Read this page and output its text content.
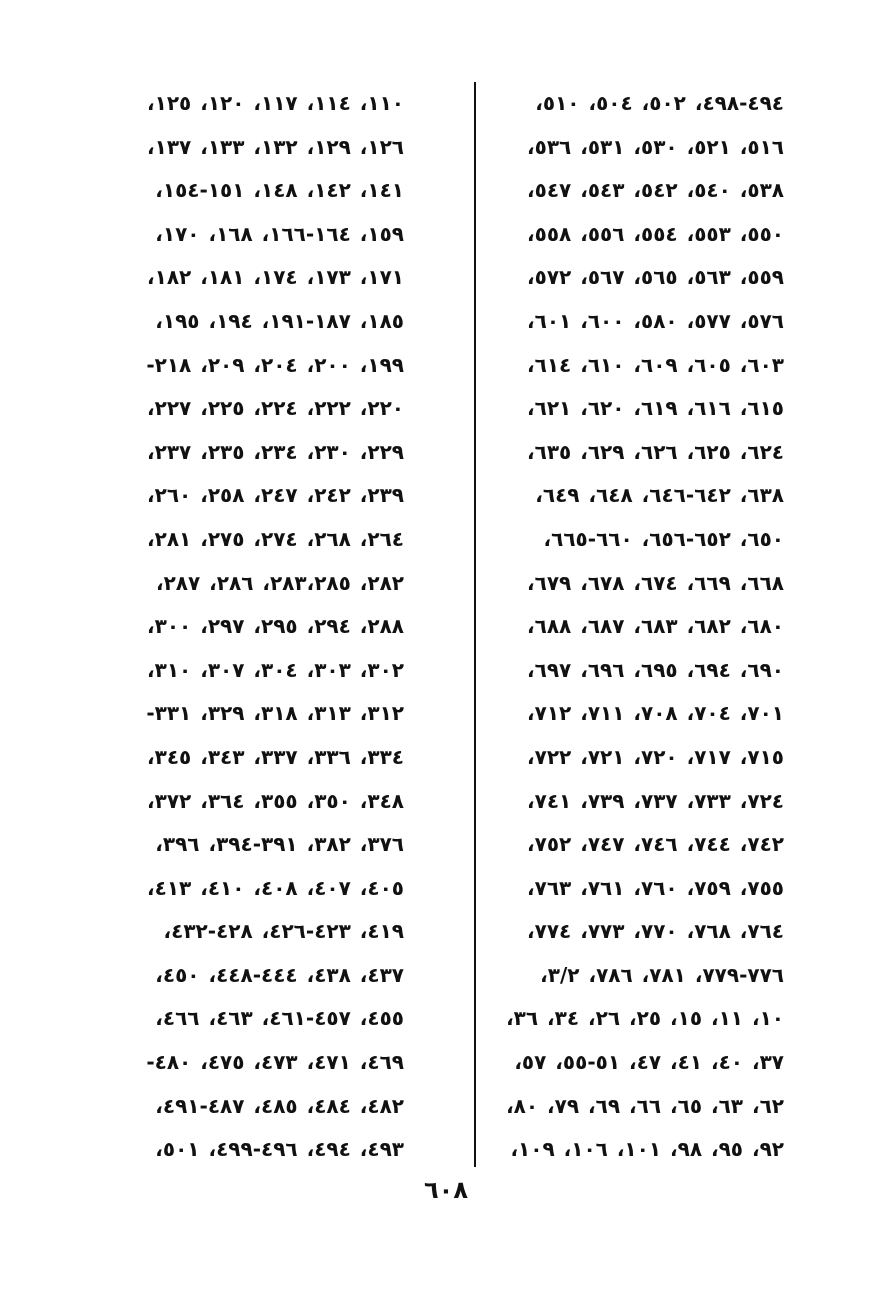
٤٩٤-٤٩٨، ٥٠٢، ٥٠٤، ٥١٠،
٥١٦، ٥٢١، ٥٣٠، ٥٣١، ٥٣٦،
٥٣٨، ٥٤٠، ٥٤٢، ٥٤٣، ٥٤٧،
٥٥٠، ٥٥٣، ٥٥٤، ٥٥٦، ٥٥٨،
٥٥٩، ٥٦٣، ٥٦٥، ٥٦٧، ٥٧٢،
٥٧٦، ٥٧٧، ٥٨٠، ٦٠٠، ٦٠١،
٦٠٣، ٦٠٥، ٦٠٩، ٦١٠، ٦١٤،
٦١٥، ٦١٦، ٦١٩، ٦٢٠، ٦٢١،
٦٢٤، ٦٢٥، ٦٢٦، ٦٢٩، ٦٣٥،
٦٣٨، ٦٤٢-٦٤٦، ٦٤٨، ٦٤٩،
٦٥٠، ٦٥٢-٦٥٦، ٦٦٠-٦٦٥،
٦٦٨، ٦٦٩، ٦٧٤، ٦٧٨، ٦٧٩،
٦٨٠، ٦٨٢، ٦٨٣، ٦٨٧، ٦٨٨،
٦٩٠، ٦٩٤، ٦٩٥، ٦٩٦، ٦٩٧،
٧٠١، ٧٠٤، ٧٠٨، ٧١١، ٧١٢،
٧١٥، ٧١٧، ٧٢٠، ٧٢١، ٧٢٢،
٧٢٤، ٧٣٣، ٧٣٧، ٧٣٩، ٧٤١،
٧٤٢، ٧٤٤، ٧٤٦، ٧٤٧، ٧٥٢،
٧٥٥، ٧٥٩، ٧٦٠، ٧٦١، ٧٦٣،
٧٦٤، ٧٦٨، ٧٧٠، ٧٧٣، ٧٧٤،
٧٧٦-٧٧٩، ٧٨١، ٧٨٦، ٣/٢،
١٠، ١١، ١٥، ٢٥، ٢٦، ٣٤، ٣٦،
٣٧، ٤٠، ٤١، ٤٧، ٥١-٥٥، ٥٧،
٦٢، ٦٣، ٦٥، ٦٦، ٦٩، ٧٩، ٨٠،
٩٢، ٩٥، ٩٨، ١٠١، ١٠٦، ١٠٩،
١١٠، ١١٤، ١١٧، ١٢٠، ١٢٥،
١٢٦، ١٢٩، ١٣٢، ١٣٣، ١٣٧،
١٤١، ١٤٢، ١٤٨، ١٥١-١٥٤،
١٥٩، ١٦٤-١٦٦، ١٦٨، ١٧٠،
١٧١، ١٧٣، ١٧٤، ١٨١، ١٨٢،
١٨٥، ١٨٧-١٩١، ١٩٤، ١٩٥،
١٩٩، ٢٠٠، ٢٠٤، ٢٠٩، ٢١٨-
٢٢٠، ٢٢٢، ٢٢٤، ٢٢٥، ٢٢٧،
٢٢٩، ٢٣٠، ٢٣٤، ٢٣٥، ٢٣٧،
٢٣٩، ٢٤٢، ٢٤٧، ٢٥٨، ٢٦٠،
٢٦٤، ٢٦٨، ٢٧٤، ٢٧٥، ٢٨١،
٢٨٢، ٢٨٣،٢٨٥، ٢٨٦، ٢٨٧،
٢٨٨، ٢٩٤، ٢٩٥، ٢٩٧، ٣٠٠،
٣٠٢، ٣٠٣، ٣٠٤، ٣٠٧، ٣١٠،
٣١٢، ٣١٣، ٣١٨، ٣٢٩، ٣٣١-
٣٣٤، ٣٣٦، ٣٣٧، ٣٤٣، ٣٤٥،
٣٤٨، ٣٥٠، ٣٥٥، ٣٦٤، ٣٧٢،
٣٧٦، ٣٨٢، ٣٩١-٣٩٤، ٣٩٦،
٤٠٥، ٤٠٧، ٤٠٨، ٤١٠، ٤١٣،
٤١٩، ٤٢٣-٤٢٦، ٤٢٨-٤٣٢،
٤٣٧، ٤٣٨، ٤٤٤-٤٤٨، ٤٥٠،
٤٥٥، ٤٥٧-٤٦١، ٤٦٣، ٤٦٦،
٤٦٩، ٤٧١، ٤٧٣، ٤٧٥، ٤٨٠-
٤٨٢، ٤٨٤، ٤٨٥، ٤٨٧-٤٩١،
٤٩٣، ٤٩٤، ٤٩٦-٤٩٩، ٥٠١،
٦٠٨
